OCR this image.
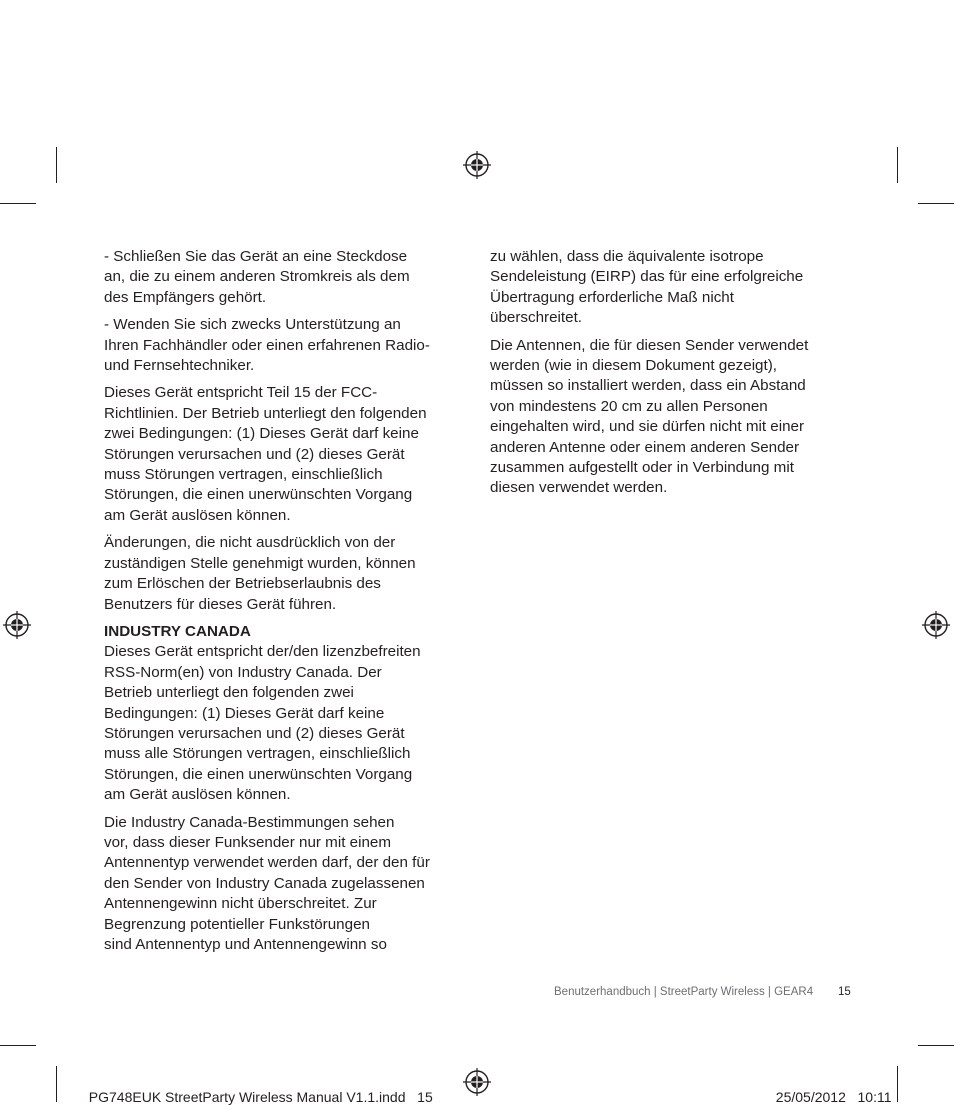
- Schließen Sie das Gerät an eine Steckdose
an, die zu einem anderen Stromkreis als dem
des Empfängers gehört.

- Wenden Sie sich zwecks Unterstützung an
Ihren Fachhändler oder einen erfahrenen Radio-
und Fernsehtechniker.

Dieses Gerät entspricht Teil 15 der FCC-
Richtlinien. Der Betrieb unterliegt den folgenden
zwei Bedingungen: (1) Dieses Gerät darf keine
Störungen verursachen und (2) dieses Gerät
muss Störungen vertragen, einschließlich
Störungen, die einen unerwünschten Vorgang
am Gerät auslösen können.

Änderungen, die nicht ausdrücklich von der
zuständigen Stelle genehmigt wurden, können
zum Erlöschen der Betriebserlaubnis des
Benutzers für dieses Gerät führen.

INDUSTRY CANADA
Dieses Gerät entspricht der/den lizenzbefreiten
RSS-Norm(en) von Industry Canada. Der
Betrieb unterliegt den folgenden zwei
Bedingungen: (1) Dieses Gerät darf keine
Störungen verursachen und (2) dieses Gerät
muss alle Störungen vertragen, einschließlich
Störungen, die einen unerwünschten Vorgang
am Gerät auslösen können.

Die Industry Canada-Bestimmungen sehen
vor, dass dieser Funksender nur mit einem
Antennentyp verwendet werden darf, der den für
den Sender von Industry Canada zugelassenen
Antennengewinn nicht überschreitet. Zur
Begrenzung potentieller Funkstörungen
sind Antennentyp und Antennengewinn so

zu wählen, dass die äquivalente isotrope
Sendeleistung (EIRP) das für eine erfolgreiche
Übertragung erforderliche Maß nicht
überschreitet.

Die Antennen, die für diesen Sender verwendet
werden (wie in diesem Dokument gezeigt),
müssen so installiert werden, dass ein Abstand
von mindestens 20 cm zu allen Personen
eingehalten wird, und sie dürfen nicht mit einer
anderen Antenne oder einem anderen Sender
zusammen aufgestellt oder in Verbindung mit
diesen verwendet werden.

Benutzerhandbuch | StreetParty Wireless | GEAR4 15

PG748EUK StreetParty Wireless Manual V1.1.indd   15	25/05/2012   10:11
